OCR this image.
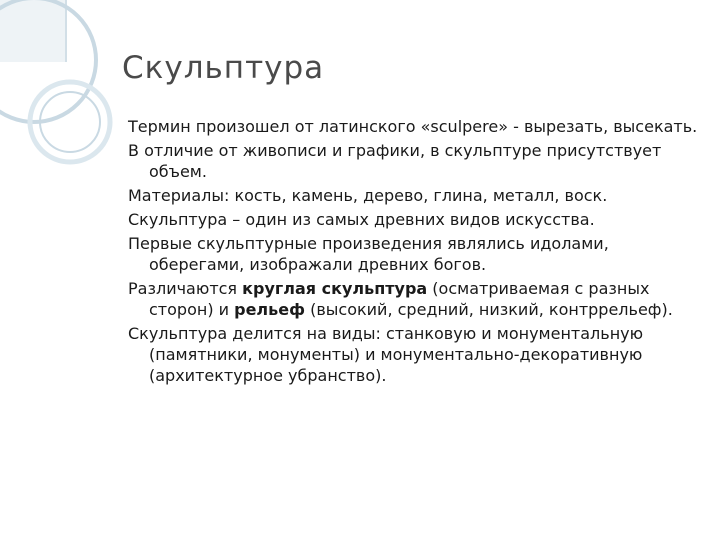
Скульптура
Термин произошел от латинского «sculpere» - вырезать, высекать.
В отличие от живописи и графики, в скульптуре присутствует объем.
Материалы: кость, камень, дерево, глина, металл, воск.
Скульптура – один из самых древних видов искусства.
Первые скульптурные произведения являлись идолами, оберегами, изображали древних богов.
Различаются круглая скульптура (осматриваемая с разных сторон) и рельеф (высокий, средний, низкий, контррельеф).
Скульптура делится на виды: станковую и монументальную (памятники, монументы) и монументально-декоративную (архитектурное убранство).
